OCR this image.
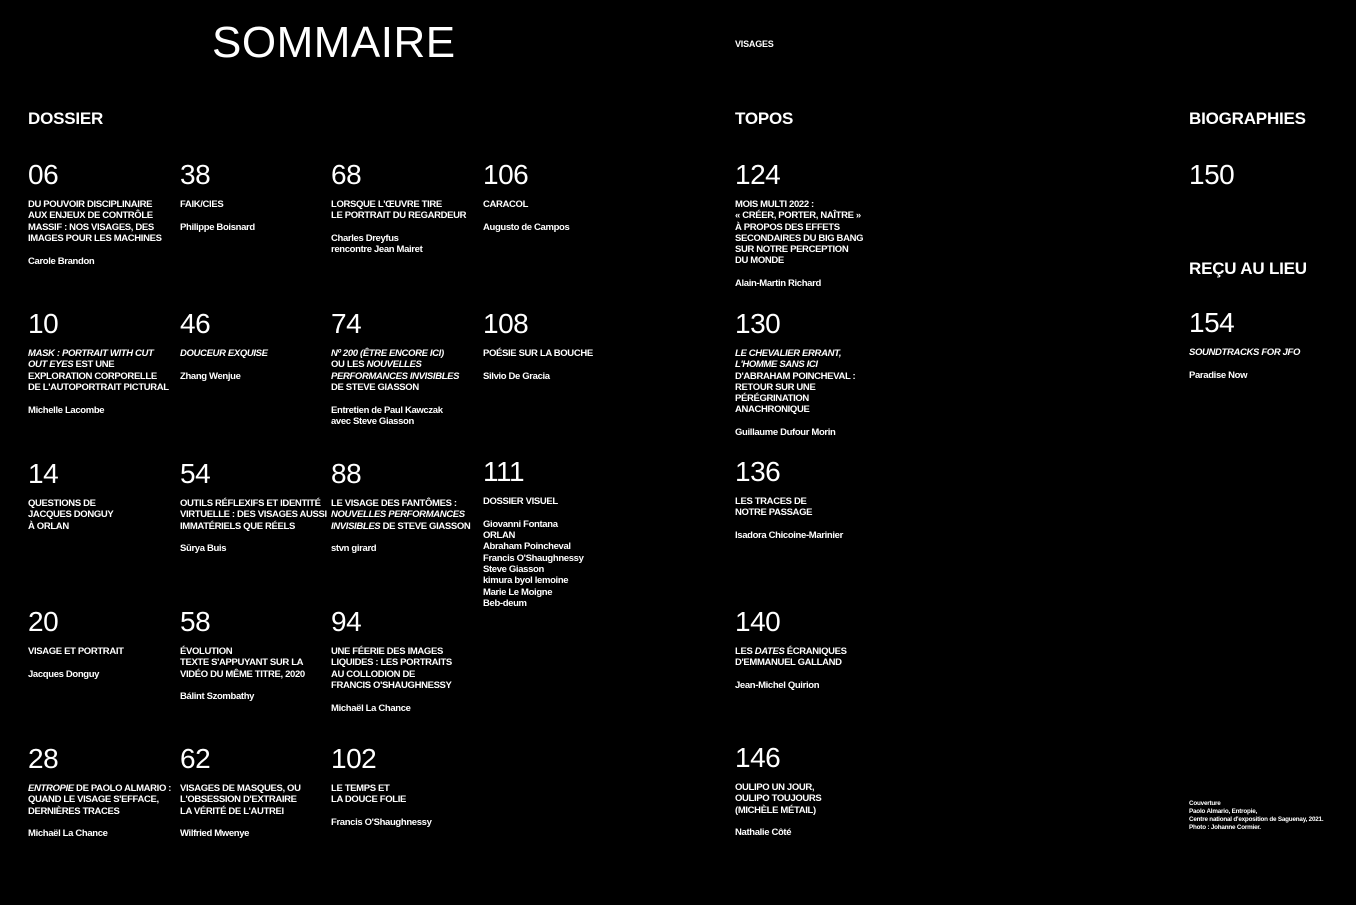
SOMMAIRE	VISAGES
DOSSIER	TOPOS	BIOGRAPHIES
REÇU AU LIEU
06
DU POUVOIR DISCIPLINAIRE
AUX ENJEUX DE CONTRÔLE
MASSIF : NOS VISAGES, DES
IMAGES POUR LES MACHINES
Carole Brandon
38
FAIK/CIES
Philippe Boisnard
68
LORSQUE L'ŒUVRE TIRE
LE PORTRAIT DU REGARDEUR
Charles Dreyfus
rencontre Jean Mairet
106
CARACOL
Augusto de Campos
124
MOIS MULTI 2022 :
« CRÉER, PORTER, NAÎTRE »
À PROPOS DES EFFETS
SECONDAIRES DU BIG BANG
SUR NOTRE PERCEPTION
DU MONDE
Alain-Martin Richard
150
10
MASK : PORTRAIT WITH CUT
OUT EYES EST UNE
EXPLORATION CORPORELLE
DE L'AUTOPORTRAIT PICTURAL
Michelle Lacombe
46
DOUCEUR EXQUISE
Zhang Wenjue
74
Nº 200 (ÊTRE ENCORE ICI)
OU LES NOUVELLES
PERFORMANCES INVISIBLES
DE STEVE GIASSON
Entretien de Paul Kawczak
avec Steve Giasson
108
POÉSIE SUR LA BOUCHE
Silvio De Gracia
130
LE CHEVALIER ERRANT,
L'HOMME SANS ICI
D'ABRAHAM POINCHEVAL :
RETOUR SUR UNE
PÉRÉGRINATION
ANACHRONIQUE
Guillaume Dufour Morin
154
SOUNDTRACKS FOR JFO
Paradise Now
14
QUESTIONS DE
JACQUES DONGUY
À ORLAN
54
OUTILS RÉFLEXIFS ET IDENTITÉ
VIRTUELLE : DES VISAGES AUSSI
IMMATÉRIELS QUE RÉELS
Sūrya Buis
88
LE VISAGE DES FANTÔMES :
NOUVELLES PERFORMANCES
INVISIBLES DE STEVE GIASSON
stvn girard
111
DOSSIER VISUEL
Giovanni Fontana
ORLAN
Abraham Poincheval
Francis O'Shaughnessy
Steve Giasson
kimura byol lemoine
Marie Le Moigne
Beb-deum
136
LES TRACES DE
NOTRE PASSAGE
Isadora Chicoine-Marinier
20
VISAGE ET PORTRAIT
Jacques Donguy
58
ÉVOLUTION
TEXTE S'APPUYANT SUR LA
VIDÉO DU MÊME TITRE, 2020
Bálint Szombathy
94
UNE FÉERIE DES IMAGES
LIQUIDES : LES PORTRAITS
AU COLLODION DE
FRANCIS O'SHAUGHNESSY
Michaël La Chance
140
LES DATES ÉCRANIQUES
D'EMMANUEL GALLAND
Jean-Michel Quirion
28
ENTROPIE DE PAOLO ALMARIO :
QUAND LE VISAGE S'EFFACE,
DERNIÈRES TRACES
Michaël La Chance
62
VISAGES DE MASQUES, OU
L'OBSESSION D'EXTRAIRE
LA VÉRITÉ DE L'AUTREI
Wilfried Mwenye
102
LE TEMPS ET
LA DOUCE FOLIE
Francis O'Shaughnessy
146
OULIPO UN JOUR,
OULIPO TOUJOURS
(MICHÈLE MÉTAIL)
Nathalie Côté
Couverture
Paolo Almario, Entropie,
Centre national d'exposition de Saguenay, 2021.
Photo : Johanne Cormier.
